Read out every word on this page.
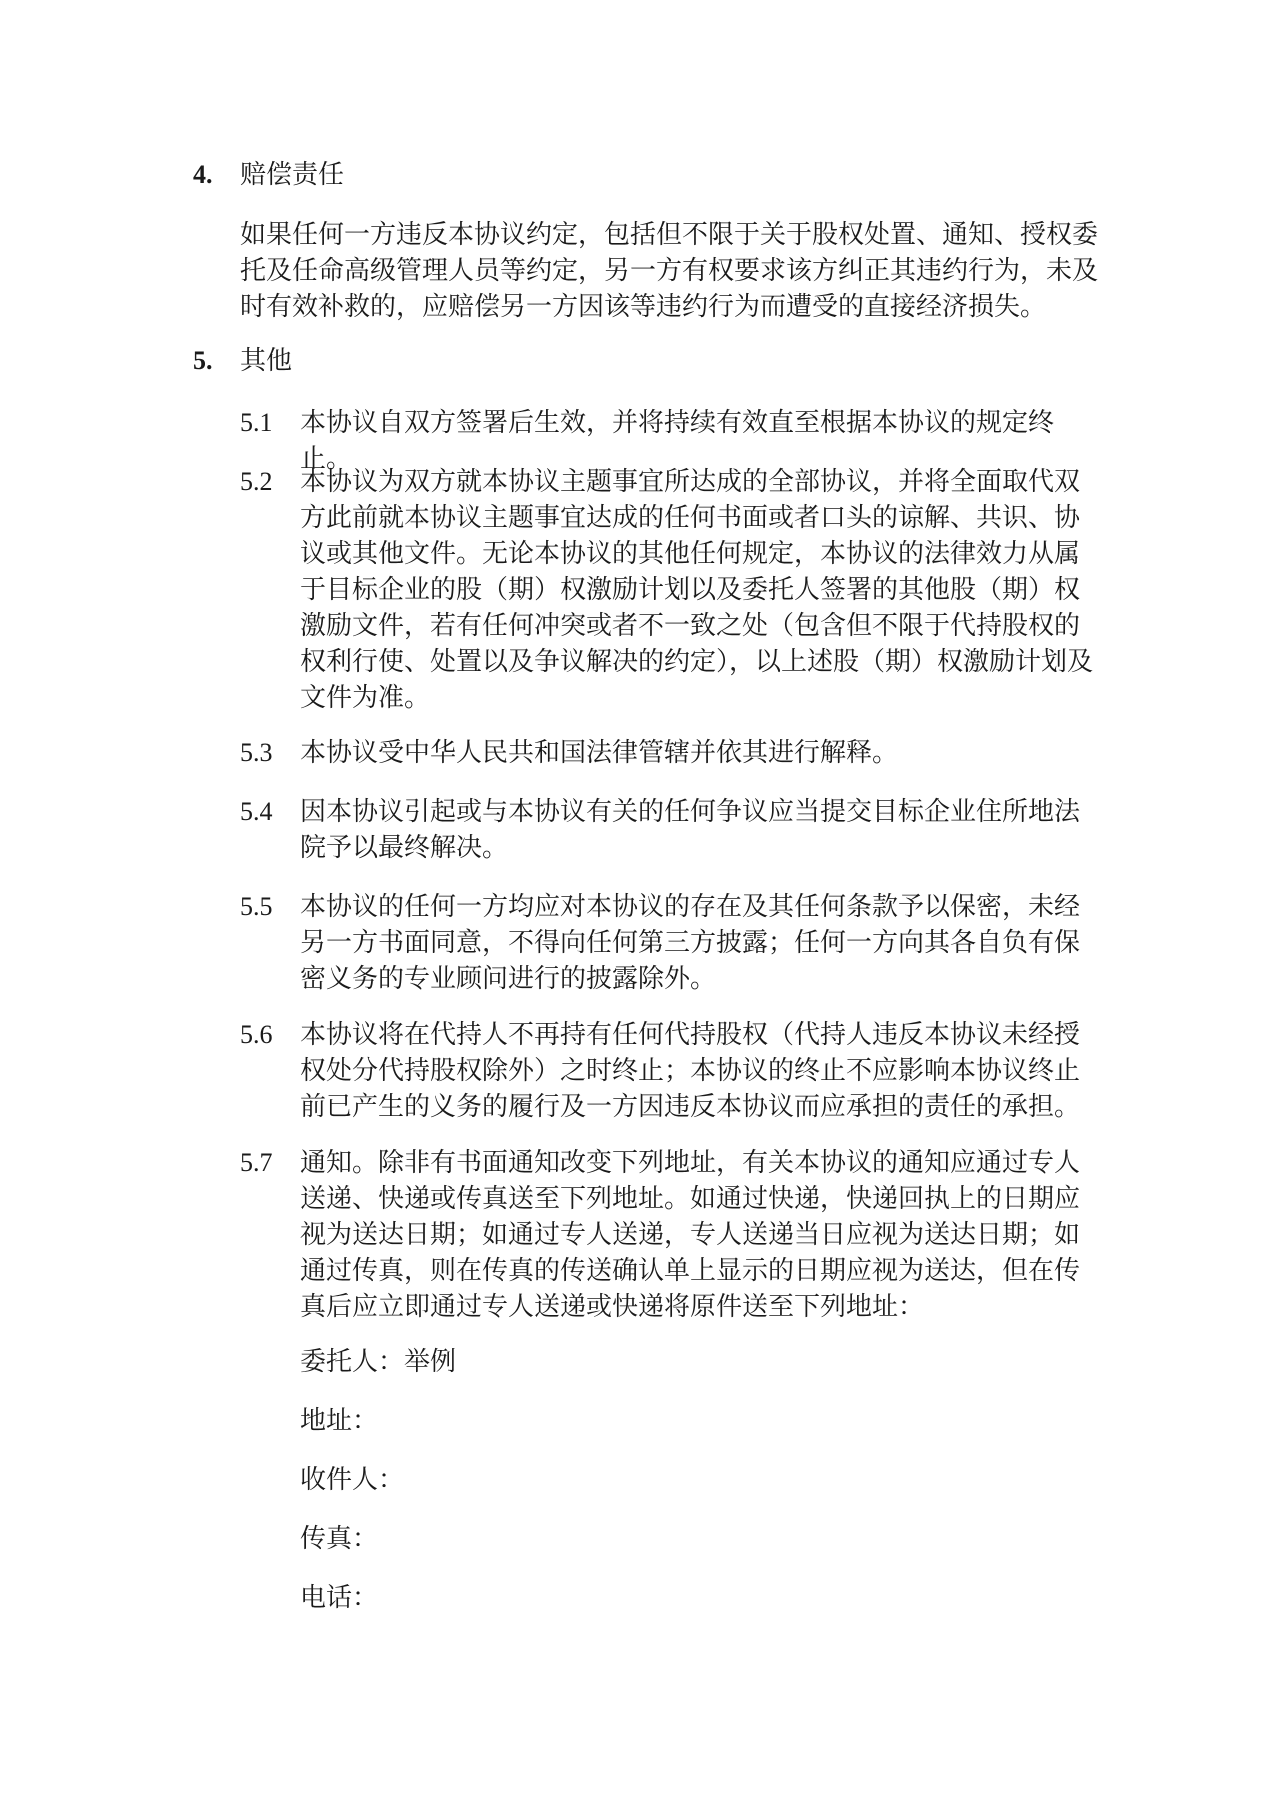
4.	赔偿责任

如果任何一方违反本协议约定，包括但不限于关于股权处置、通知、授权委托及任命高级管理人员等约定，另一方有权要求该方纠正其违约行为，未及时有效补救的，应赔偿另一方因该等违约行为而遭受的直接经济损失。

5.	其他
5.1	本协议自双方签署后生效，并将持续有效直至根据本协议的规定终止。
5.2	本协议为双方就本协议主题事宜所达成的全部协议，并将全面取代双方此前就本协议主题事宜达成的任何书面或者口头的谅解、共识、协议或其他文件。无论本协议的其他任何规定，本协议的法律效力从属于目标企业的股（期）权激励计划以及委托人签署的其他股（期）权激励文件，若有任何冲突或者不一致之处（包含但不限于代持股权的权利行使、处置以及争议解决的约定），以上述股（期）权激励计划及文件为准。
5.3	本协议受中华人民共和国法律管辖并依其进行解释。
5.4	因本协议引起或与本协议有关的任何争议应当提交目标企业住所地法院予以最终解决。
5.5	本协议的任何一方均应对本协议的存在及其任何条款予以保密，未经另一方书面同意，不得向任何第三方披露；任何一方向其各自负有保密义务的专业顾问进行的披露除外。
5.6	本协议将在代持人不再持有任何代持股权（代持人违反本协议未经授权处分代持股权除外）之时终止；本协议的终止不应影响本协议终止前已产生的义务的履行及一方因违反本协议而应承担的责任的承担。
5.7	通知。除非有书面通知改变下列地址，有关本协议的通知应通过专人送递、快递或传真送至下列地址。如通过快递，快递回执上的日期应视为送达日期；如通过专人送递，专人送递当日应视为送达日期；如通过传真，则在传真的传送确认单上显示的日期应视为送达，但在传真后应立即通过专人送递或快递将原件送至下列地址：
委托人：举例
地址：
收件人：
传真：
电话：
